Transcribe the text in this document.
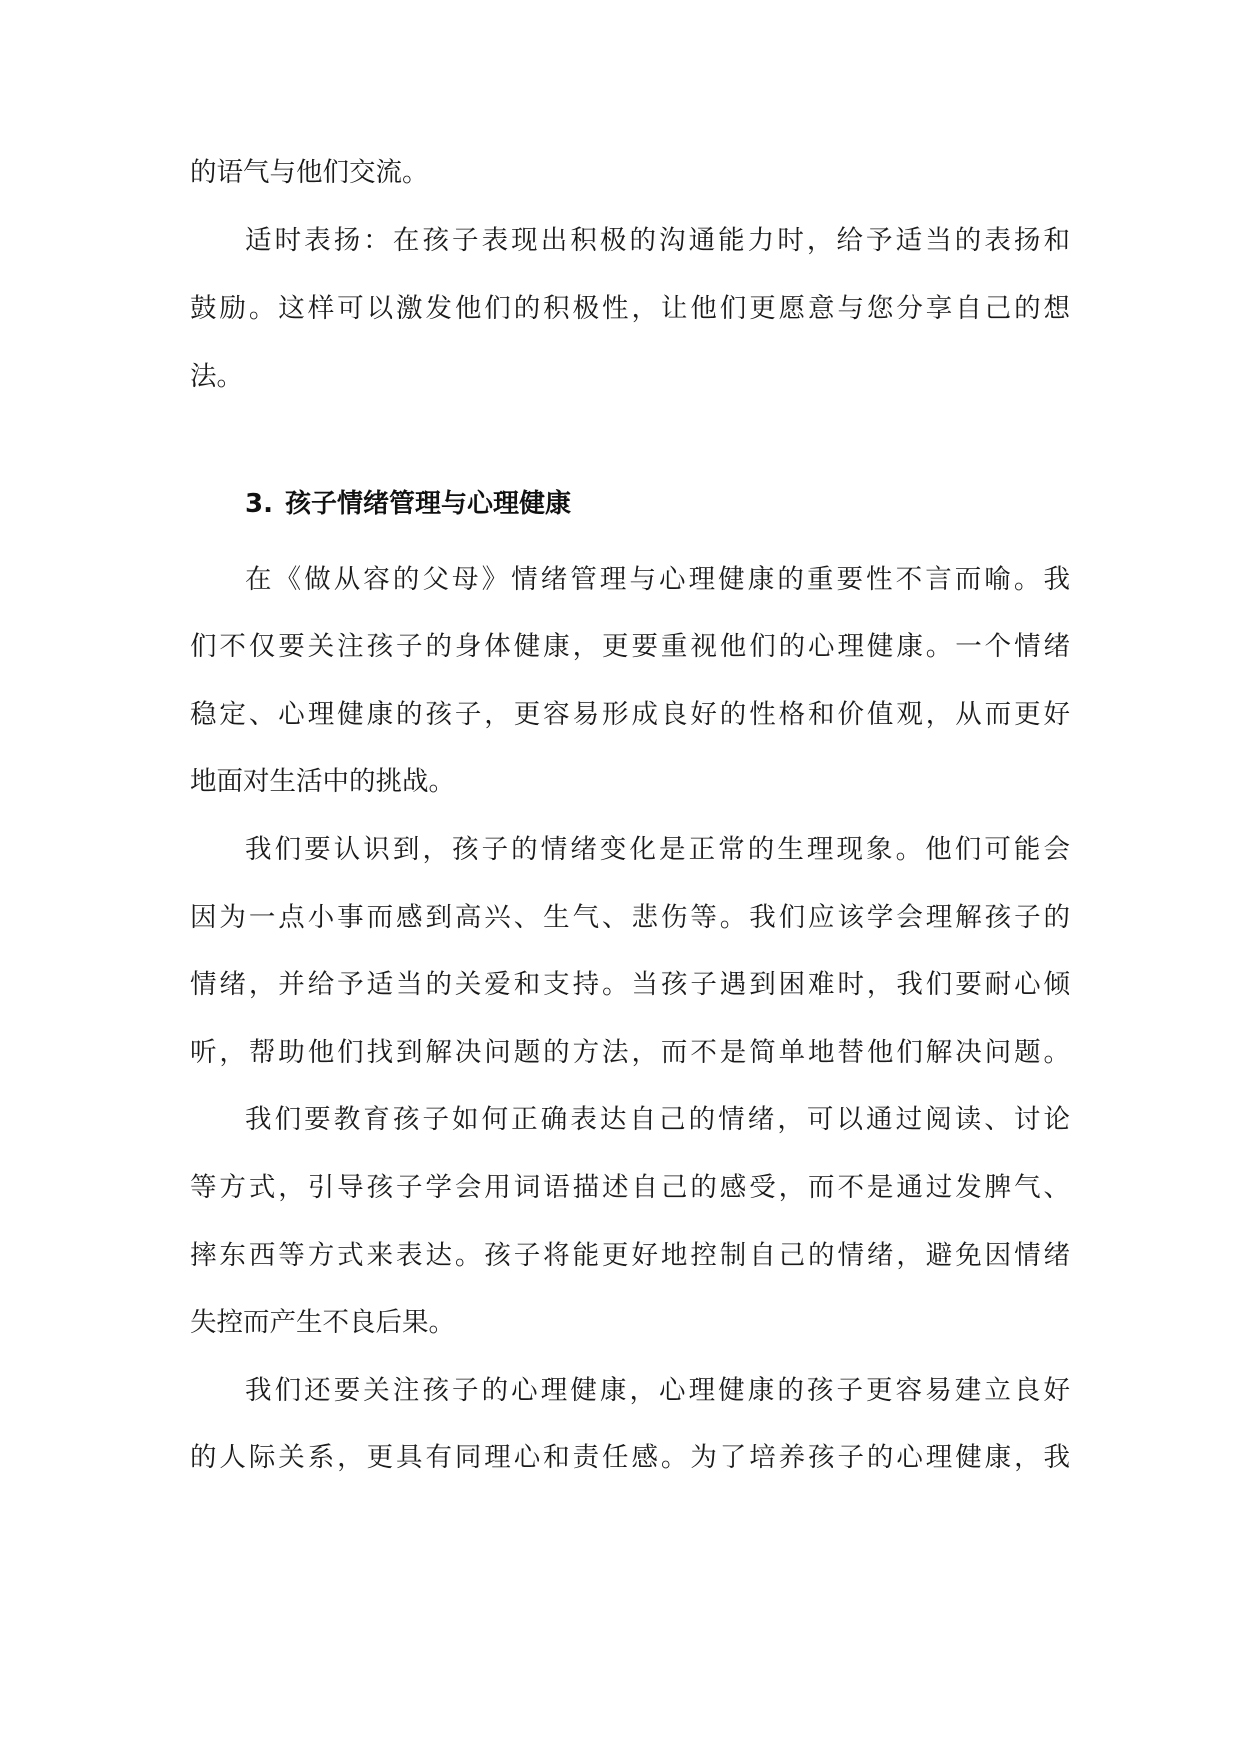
的语气与他们交流。

适时表扬：在孩子表现出积极的沟通能力时，给予适当的表扬和

鼓励。这样可以激发他们的积极性，让他们更愿意与您分享自己的想

法。

3. 孩子情绪管理与心理健康

在《做从容的父母》情绪管理与心理健康的重要性不言而喻。我

们不仅要关注孩子的身体健康，更要重视他们的心理健康。一个情绪

稳定、心理健康的孩子，更容易形成良好的性格和价值观，从而更好

地面对生活中的挑战。

我们要认识到，孩子的情绪变化是正常的生理现象。他们可能会

因为一点小事而感到高兴、生气、悲伤等。我们应该学会理解孩子的

情绪，并给予适当的关爱和支持。当孩子遇到困难时，我们要耐心倾

听，帮助他们找到解决问题的方法，而不是简单地替他们解决问题。

我们要教育孩子如何正确表达自己的情绪，可以通过阅读、讨论

等方式，引导孩子学会用词语描述自己的感受，而不是通过发脾气、

摔东西等方式来表达。孩子将能更好地控制自己的情绪，避免因情绪

失控而产生不良后果。

我们还要关注孩子的心理健康，心理健康的孩子更容易建立良好

的人际关系，更具有同理心和责任感。为了培养孩子的心理健康，我
